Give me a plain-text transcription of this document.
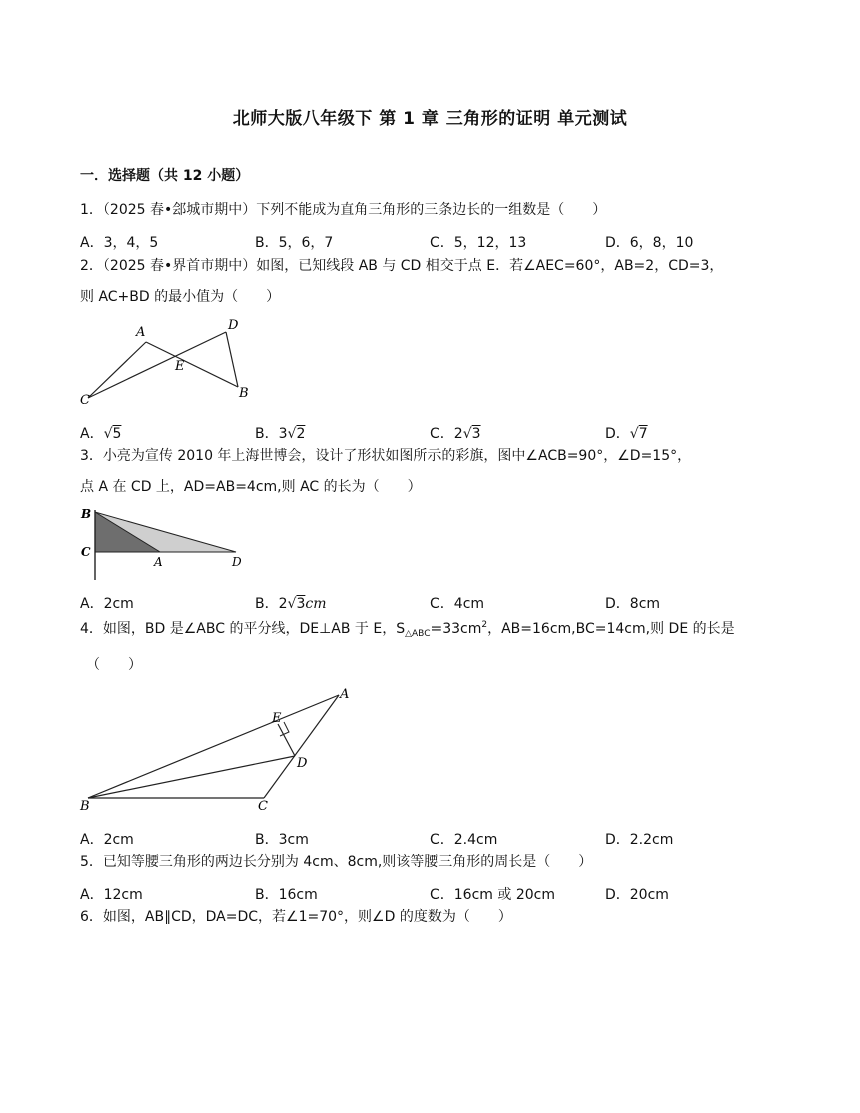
北师大版八年级下 第 1 章 三角形的证明 单元测试
一．选择题（共 12 小题）
1．（2025 春•郐城市期中）下列不能成为直角三角形的三条边长的一组数是（　　）
A．3，4，5	B．5，6，7	C．5，12，13	D．6，8，10
2．（2025 春•界首市期中）如图，已知线段 AB 与 CD 相交于点 E．若∠AEC=60°，AB=2，CD=3，
则 AC+BD 的最小值为（　　）
A	D
E
C	B
A．√5	B．3√2	C．2√3	D．√7
3．小亮为宣传 2010 年上海世博会，设计了形状如图所示的彩旗，图中∠ACB=90°，∠D=15°，
点 A 在 CD 上，AD=AB=4cm,则 AC 的长为（　　）
B
C
A	D
A．2cm	B．2√3cm	C．4cm	D．8cm
4．如图，BD 是∠ABC 的平分线，DE⊥AB 于 E，$S_{\triangle ABC}=33cm^2$，AB=16cm,BC=14cm,则 DE 的长是
（　　）
A
E
D
B	C
A．2cm	B．3cm	C．2.4cm	D．2.2cm
5．已知等腰三角形的两边长分别为 4cm、8cm,则该等腰三角形的周长是（　　）
A．12cm	B．16cm	C．16cm 或 20cm	D．20cm
6．如图，AB∥CD，DA=DC，若∠1=70°，则∠D 的度数为（　　）
